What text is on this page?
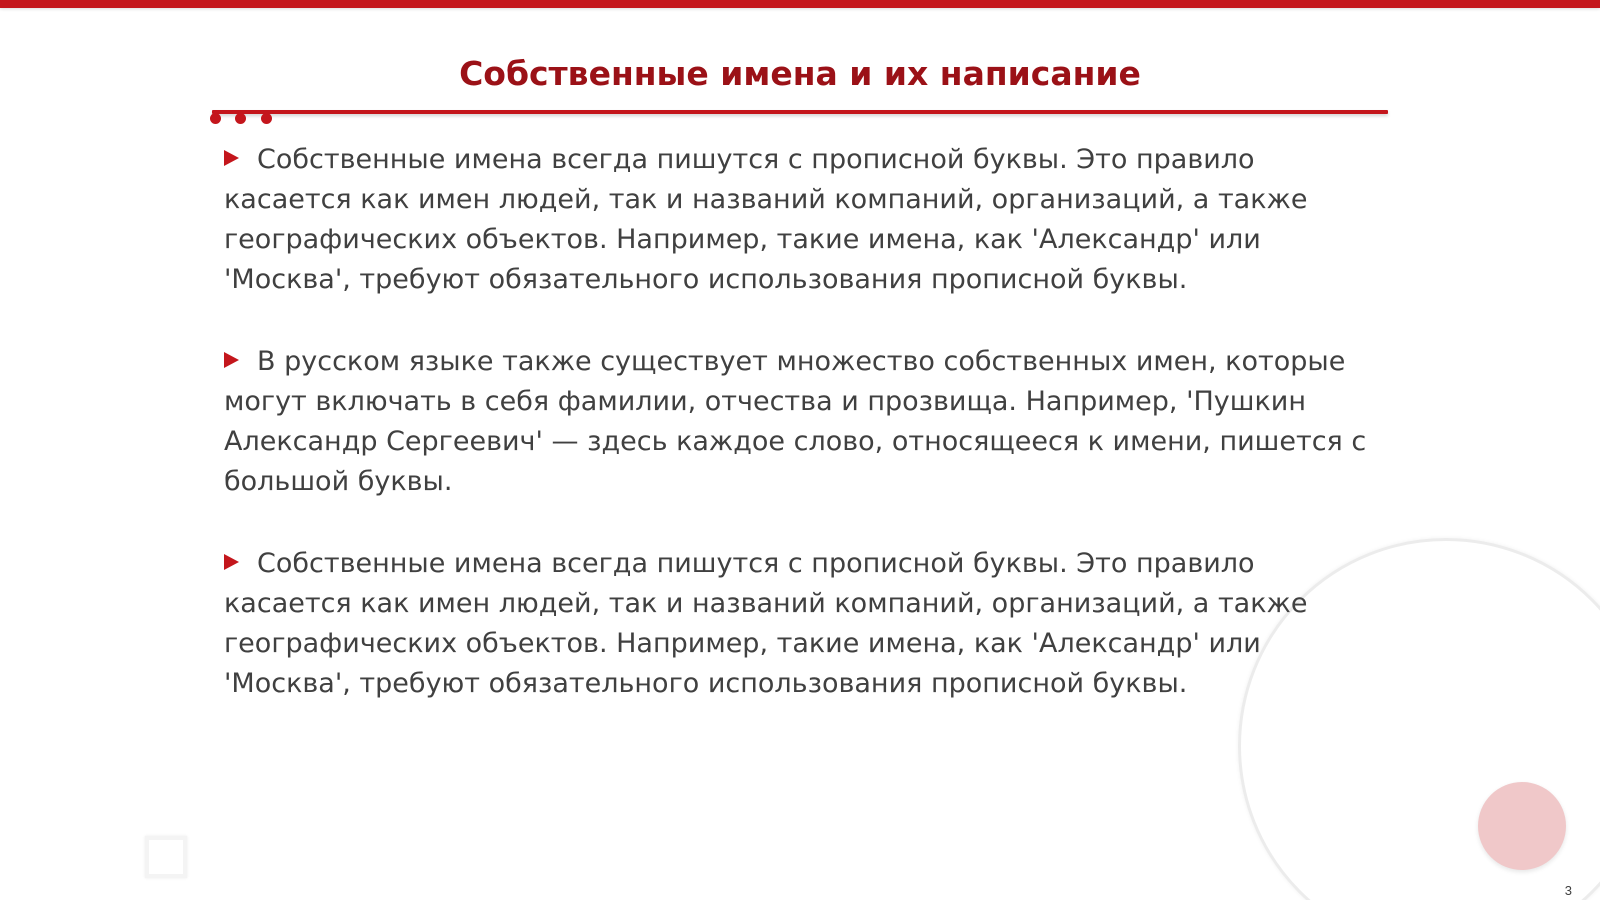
Собственные имена и их написание

Собственные имена всегда пишутся с прописной буквы. Это правило касается как имен людей, так и названий компаний, организаций, а также географических объектов. Например, такие имена, как 'Александр' или 'Москва', требуют обязательного использования прописной буквы.

В русском языке также существует множество собственных имен, которые могут включать в себя фамилии, отчества и прозвища. Например, 'Пушкин Александр Сергеевич' — здесь каждое слово, относящееся к имени, пишется с большой буквы.

Собственные имена всегда пишутся с прописной буквы. Это правило касается как имен людей, так и названий компаний, организаций, а также географических объектов. Например, такие имена, как 'Александр' или 'Москва', требуют обязательного использования прописной буквы.

3
